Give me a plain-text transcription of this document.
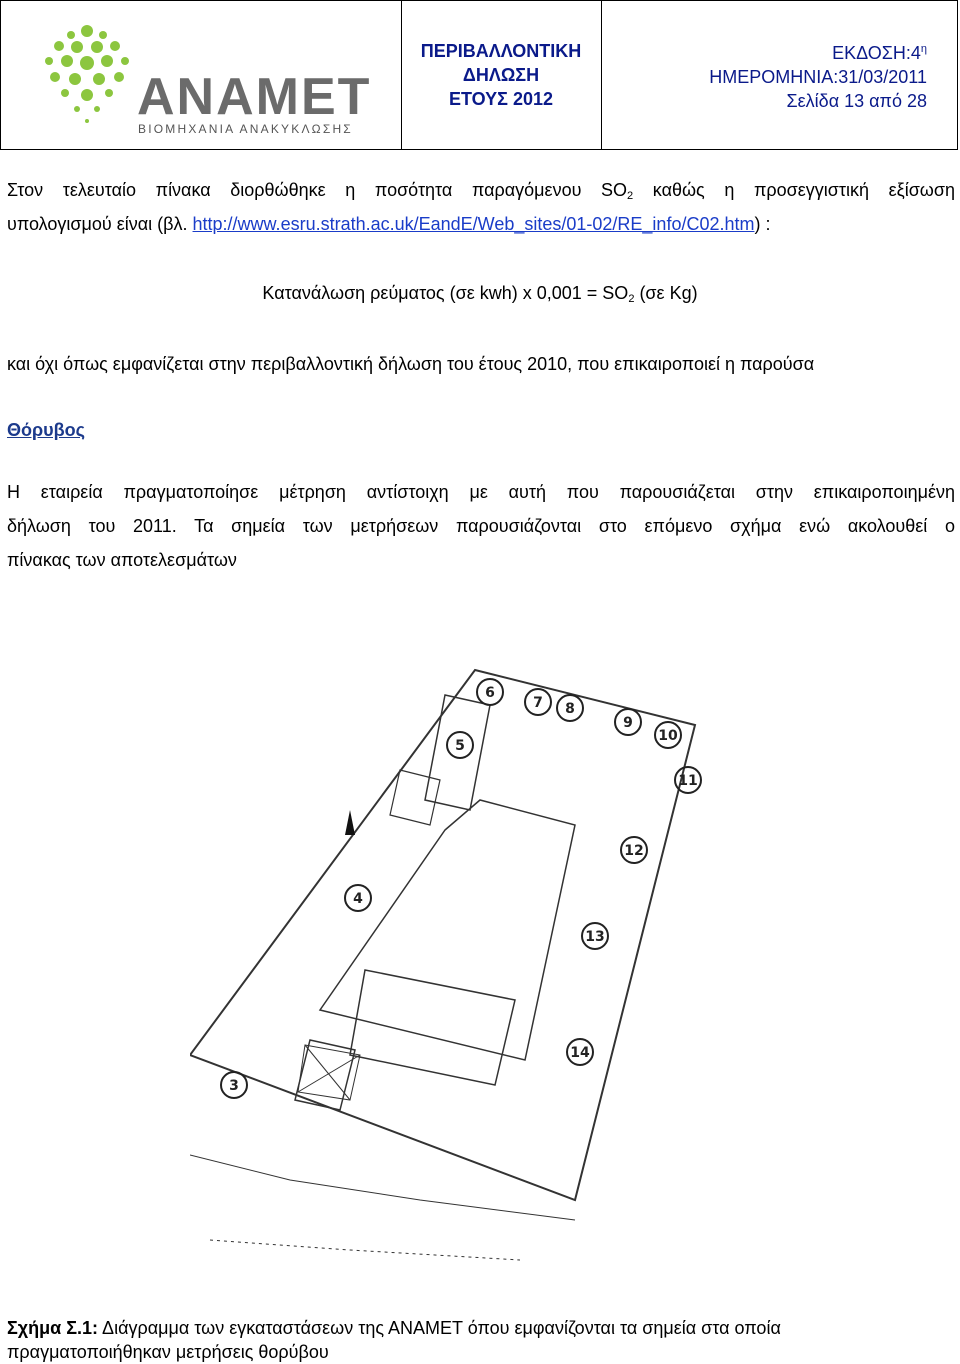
ΑΝΑΜΕΤ
ΒΙΟΜΗΧΑΝΙΑ ΑΝΑΚΥΚΛΩΣΗΣ
ΠΕΡΙΒΑΛΛΟΝΤΙΚΗ
ΔΗΛΩΣΗ
ΕΤΟΥΣ 2012
$EK\Delta O\Sigma H:4^\eta$
ΗΜΕΡΟΜΗΝΙΑ:31/03/2011
Σελίδα 13 από 28
Στον τελευταίο πίνακα διορθώθηκε η ποσότητα παραγόμενου $SO_2$ καθώς η προσεγγιστική εξίσωση
υπολογισμού είναι (βλ. http://www.esru.strath.ac.uk/EandE/Web_sites/01-02/RE_info/C02.htm) :
Κατανάλωση ρεύματος (σε kwh) x $0,001 = SO_2$ (σε Kg)
και όχι όπως εμφανίζεται στην περιβαλλοντική δήλωση του έτους 2010, που επικαιροποιεί η παρούσα
Θόρυβος
Η εταιρεία πραγματοποίησε μέτρηση αντίστοιχη με αυτή που παρουσιάζεται στην επικαιροποιημένη
δήλωση του 2011. Τα σημεία των μετρήσεων παρουσιάζονται στο επόμενο σχήμα ενώ ακολουθεί ο
πίνακας των αποτελεσμάτων
6
7 8
9
10
11
5
12
4
13
14
3
Σχήμα Σ.1: Διάγραμμα των εγκαταστάσεων της ΑΝΑΜΕΤ όπου εμφανίζονται τα σημεία στα οποία
πραγματοποιήθηκαν μετρήσεις θορύβου
